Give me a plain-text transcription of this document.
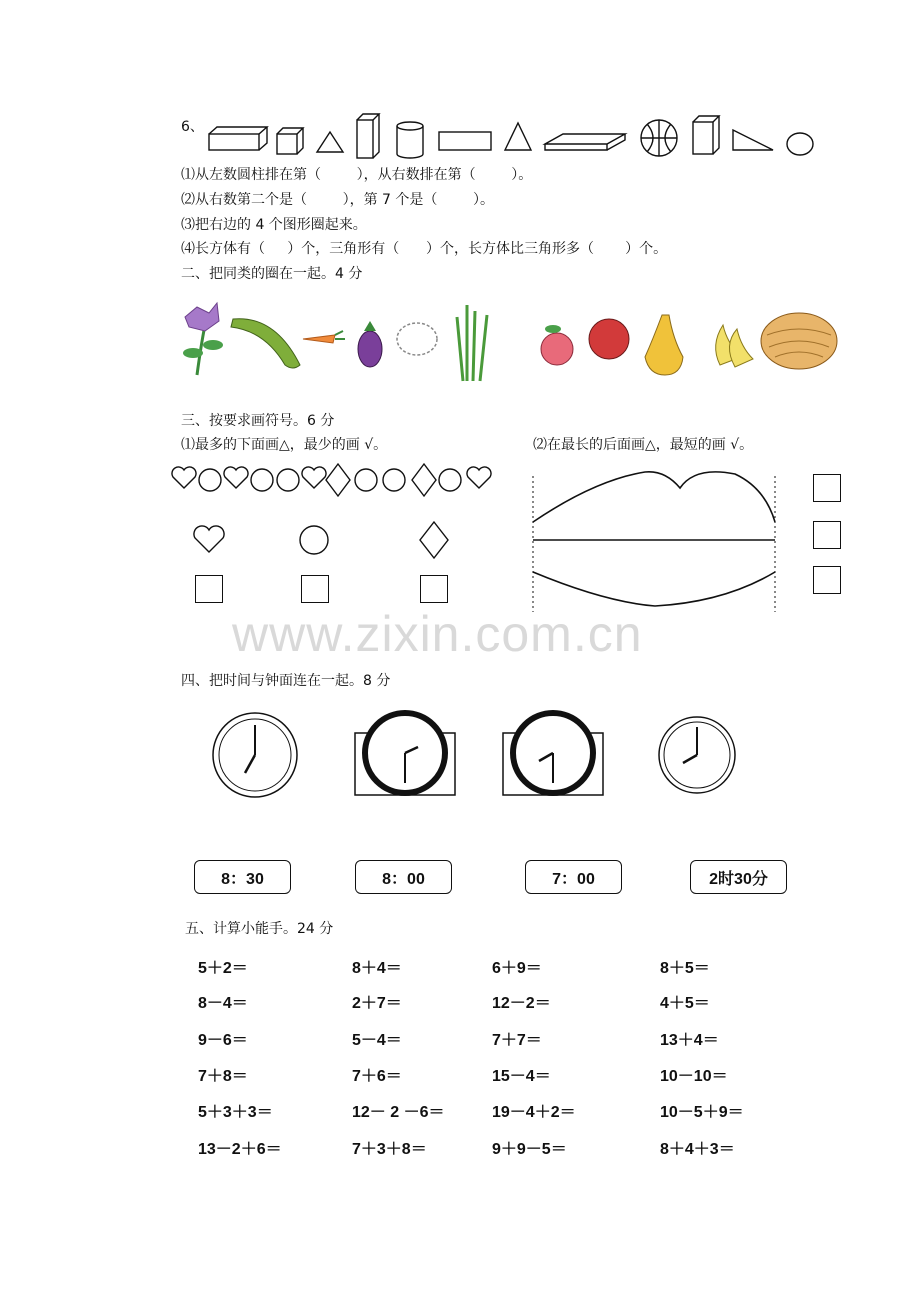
6、
⑴从左数圆柱排在第（        ），从右数排在第（        ）。
⑵从右数第二个是（        ），第 7 个是（        ）。
⑶把右边的 4 个图形圈起来。
⑷长方体有（     ）个，三角形有（      ）个，长方体比三角形多（       ）个。
二、把同类的圈在一起。4 分
三、按要求画符号。6 分
⑴最多的下面画△，最少的画 √。	⑵在最长的后面画△，最短的画 √。
www.zixin.com.cn
四、把时间与钟面连在一起。8 分
8：30	8：00	7：00	2时30分
五、计算小能手。24 分
5＋2＝	8＋4＝	6＋9＝	8＋5＝
8－4＝	2＋7＝	12－2＝	4＋5＝
9－6＝	5－4＝	7＋7＝	13＋4＝
7＋8＝	7＋6＝	15－4＝	10－10＝
5＋3＋3＝	12－ 2 －6＝	19－4＋2＝	10－5＋9＝
13－2＋6＝	7＋3＋8＝	9＋9－5＝	8＋4＋3＝
